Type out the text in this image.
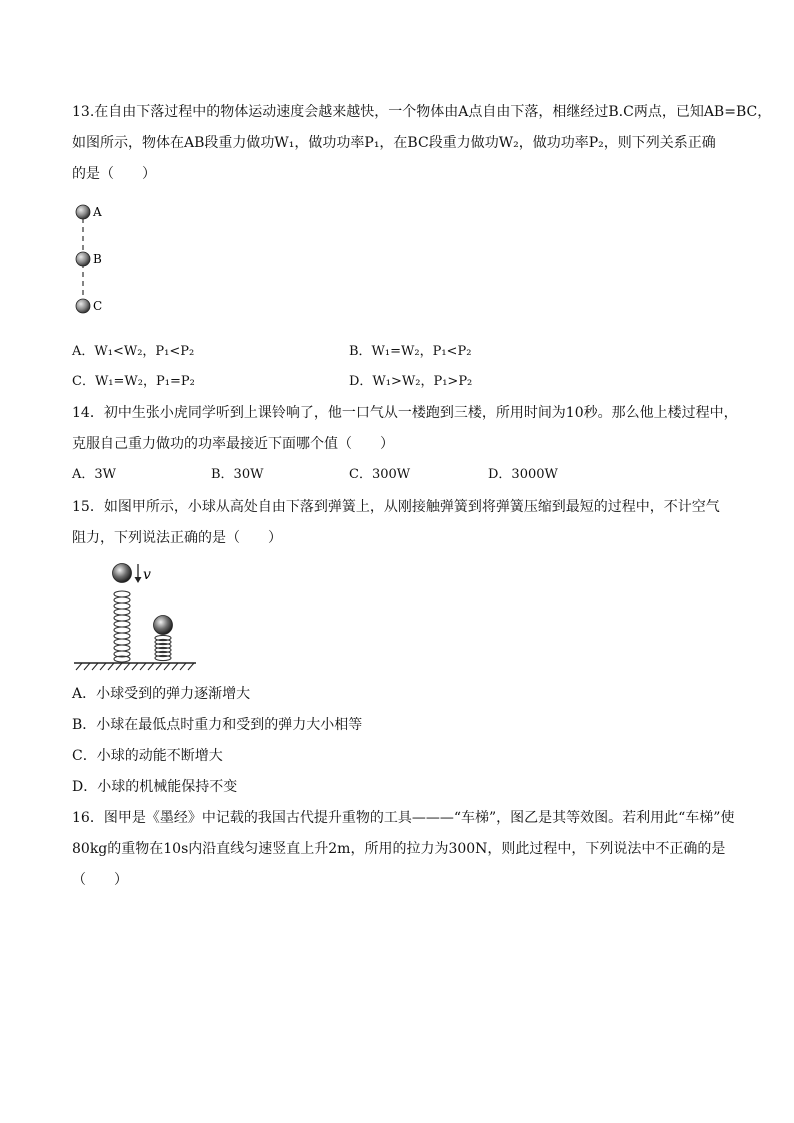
13.在自由下落过程中的物体运动速度会越来越快，一个物体由A点自由下落，相继经过B.C两点，已知AB=BC，
如图所示，物体在AB段重力做功W₁，做功功率P₁，在BC段重力做功W₂，做功功率P₂，则下列关系正确
的是（　　）
A
B
C
A．W₁<W₂，P₁<P₂	B．W₁=W₂，P₁<P₂
C．W₁=W₂，P₁=P₂	D．W₁>W₂，P₁>P₂
14．初中生张小虎同学听到上课铃响了，他一口气从一楼跑到三楼，所用时间为10秒。那么他上楼过程中，
克服自己重力做功的功率最接近下面哪个值（　　）
A．3W	B．30W	C．300W	D．3000W
15．如图甲所示，小球从高处自由下落到弹簧上，从刚接触弹簧到将弹簧压缩到最短的过程中，不计空气
阻力，下列说法正确的是（　　）
v
A．小球受到的弹力逐渐增大
B．小球在最低点时重力和受到的弹力大小相等
C．小球的动能不断增大
D．小球的机械能保持不变
16．图甲是《墨经》中记载的我国古代提升重物的工具———“车梯”，图乙是其等效图。若利用此“车梯”使
80kg的重物在10s内沿直线匀速竖直上升2m，所用的拉力为300N，则此过程中，下列说法中不正确的是
（　　）
